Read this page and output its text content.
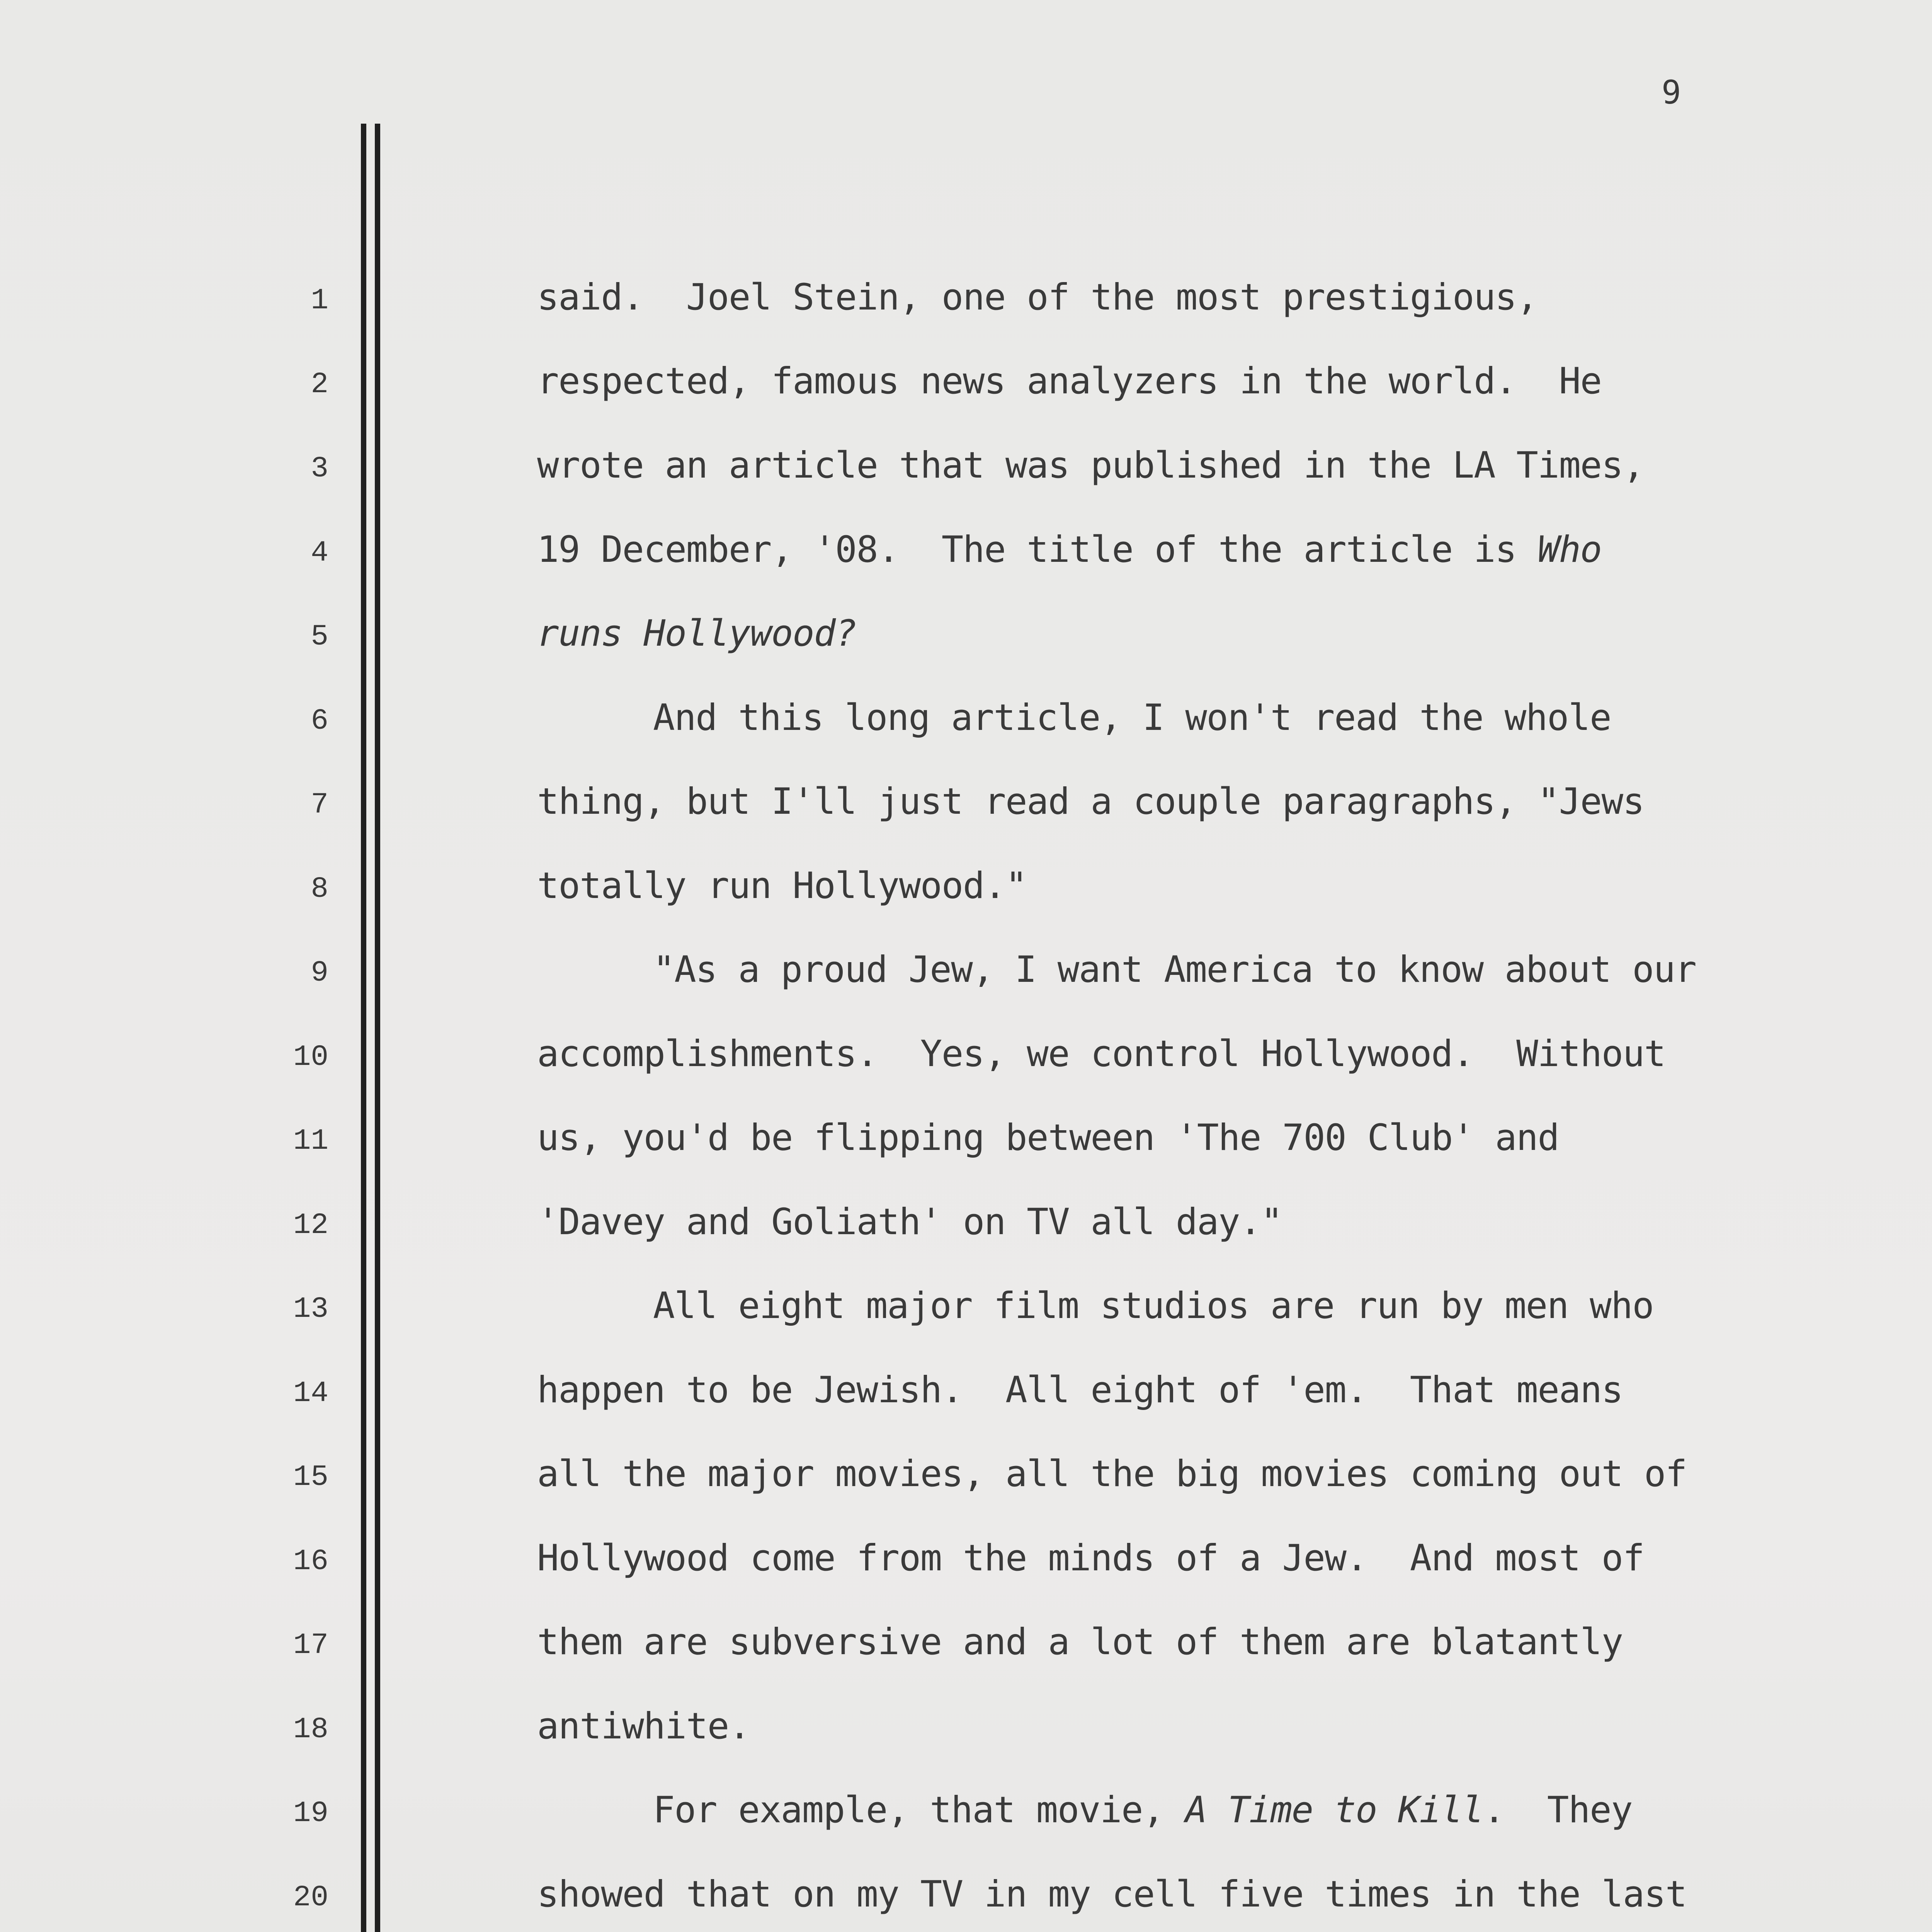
9
1
2
3
4
5
6
7
8
9
10
11
12
13
14
15
16
17
18
19
20
said.  Joel Stein, one of the most prestigious,
respected, famous news analyzers in the world.  He
wrote an article that was published in the LA Times,
19 December, '08.  The title of the article is Who
runs Hollywood?
And this long article, I won't read the whole
thing, but I'll just read a couple paragraphs, "Jews
totally run Hollywood."
"As a proud Jew, I want America to know about our
accomplishments.  Yes, we control Hollywood.  Without
us, you'd be flipping between 'The 700 Club' and
'Davey and Goliath' on TV all day."
All eight major film studios are run by men who
happen to be Jewish.  All eight of 'em.  That means
all the major movies, all the big movies coming out of
Hollywood come from the minds of a Jew.  And most of
them are subversive and a lot of them are blatantly
antiwhite.
For example, that movie, A Time to Kill.  They
showed that on my TV in my cell five times in the last
